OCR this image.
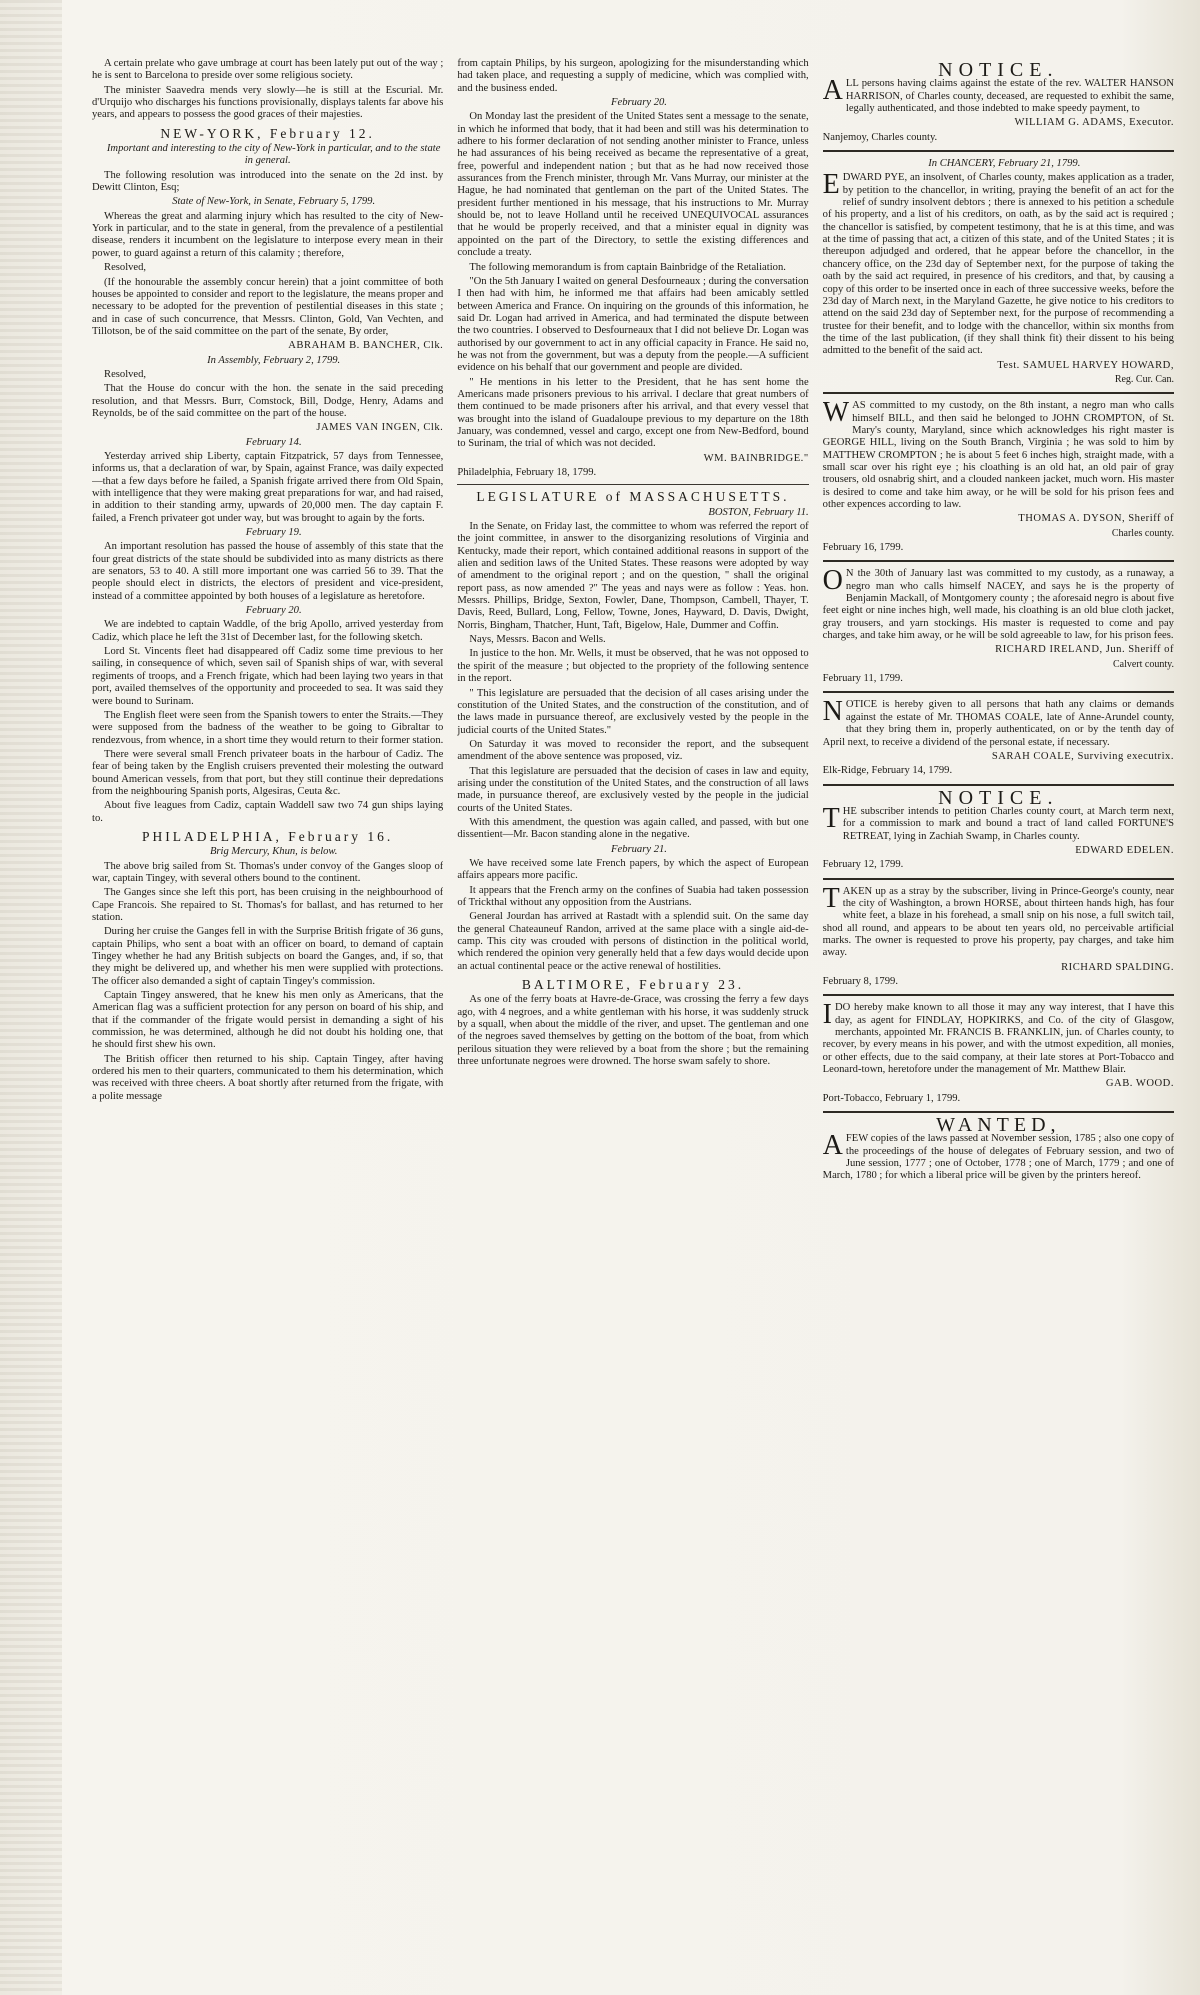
A certain prelate who gave umbrage at court has been lately put out of the way ; he is sent to Barcelona to preside over some religious society.

The minister Saavedra mends very slowly—he is still at the Escurial. Mr. d'Urquijo who discharges his functions provisionally, displays talents far above his years, and appears to possess the good graces of their majesties.

NEW-YORK, February 12.

Important and interesting to the city of New-York in particular, and to the state in general.

The following resolution was introduced into the senate on the 2d inst. by Dewitt Clinton, Esq;

State of New-York, in Senate, February 5, 1799.

Whereas the great and alarming injury which has resulted to the city of New-York in particular, and to the state in general, from the prevalence of a pestilential disease, renders it incumbent on the legislature to interpose every mean in their power, to guard against a return of this calamity ; therefore,

Resolved,

(If the honourable the assembly concur herein) that a joint committee of both houses be appointed to consider and report to the legislature, the means proper and necessary to be adopted for the prevention of pestilential diseases in this state ; and in case of such concurrence, that Messrs. Clinton, Gold, Van Vechten, and Tillotson, be of the said committee on the part of the senate, By order,

ABRAHAM B. BANCHER, Clk.

In Assembly, February 2, 1799.

Resolved,

That the House do concur with the hon. the senate in the said preceding resolution, and that Messrs. Burr, Comstock, Bill, Dodge, Henry, Adams and Reynolds, be of the said committee on the part of the house.

JAMES VAN INGEN, Clk.

February 14.

Yesterday arrived ship Liberty, captain Fitzpatrick, 57 days from Tennessee, informs us, that a declaration of war, by Spain, against France, was daily expected—that a few days before he failed, a Spanish frigate arrived there from Old Spain, with intelligence that they were making great preparations for war, and had raised, in addition to their standing army, upwards of 20,000 men. The day captain F. failed, a French privateer got under way, but was brought to again by the forts.

February 19.

An important resolution has passed the house of assembly of this state that the four great districts of the state should be subdivided into as many districts as there are senators, 53 to 40. A still more important one was carried 56 to 39. That the people should elect in districts, the electors of president and vice-president, instead of a committee appointed by both houses of a legislature as heretofore.

February 20.

We are indebted to captain Waddle, of the brig Apollo, arrived yesterday from Cadiz, which place he left the 31st of December last, for the following sketch.

Lord St. Vincents fleet had disappeared off Cadiz some time previous to her sailing, in consequence of which, seven sail of Spanish ships of war, with several regiments of troops, and a French frigate, which had been laying two years in that port, availed themselves of the opportunity and proceeded to sea. It was said they were bound to Surinam.

The English fleet were seen from the Spanish towers to enter the Straits.—They were supposed from the badness of the weather to be going to Gibraltar to rendezvous, from whence, in a short time they would return to their former station.

There were several small French privateer boats in the harbour of Cadiz. The fear of being taken by the English cruisers prevented their molesting the outward bound American vessels, from that port, but they still continue their depredations from the neighbouring Spanish ports, Algesiras, Ceuta &c.

About five leagues from Cadiz, captain Waddell saw two 74 gun ships laying to.

PHILADELPHIA, February 16.

Brig Mercury, Khun, is below.

The above brig sailed from St. Thomas's under convoy of the Ganges sloop of war, captain Tingey, with several others bound to the continent.

The Ganges since she left this port, has been cruising in the neighbourhood of Cape Francois. She repaired to St. Thomas's for ballast, and has returned to her station.

During her cruise the Ganges fell in with the Surprise British frigate of 36 guns, captain Philips, who sent a boat with an officer on board, to demand of captain Tingey whether he had any British subjects on board the Ganges, and, if so, that they might be delivered up, and whether his men were supplied with protections. The officer also demanded a sight of captain Tingey's commission.

Captain Tingey answered, that he knew his men only as Americans, that the American flag was a sufficient protection for any person on board of his ship, and that if the commander of the frigate would persist in demanding a sight of his commission, he was determined, although he did not doubt his holding one, that he should first shew his own.

The British officer then returned to his ship. Captain Tingey, after having ordered his men to their quarters, communicated to them his determination, which was received with three cheers. A boat shortly after returned from the frigate, with a polite message

from captain Philips, by his surgeon, apologizing for the misunderstanding which had taken place, and requesting a supply of medicine, which was complied with, and the business ended.

February 20.

On Monday last the president of the United States sent a message to the senate, in which he informed that body, that it had been and still was his determination to adhere to his former declaration of not sending another minister to France, unless he had assurances of his being received as became the representative of a great, free, powerful and independent nation ; but that as he had now received those assurances from the French minister, through Mr. Vans Murray, our minister at the Hague, he had nominated that gentleman on the part of the United States. The president further mentioned in his message, that his instructions to Mr. Murray should be, not to leave Holland until he received UNEQUIVOCAL assurances that he would be properly received, and that a minister equal in dignity was appointed on the part of the Directory, to settle the existing differences and conclude a treaty.

The following memorandum is from captain Bainbridge of the Retaliation.

"On the 5th January I waited on general Desfourneaux ; during the conversation I then had with him, he informed me that affairs had been amicably settled between America and France. On inquiring on the grounds of this information, he said Dr. Logan had arrived in America, and had terminated the dispute between the two countries. I observed to Desfourneaux that I did not believe Dr. Logan was authorised by our government to act in any official capacity in France. He said no, he was not from the government, but was a deputy from the people.—A sufficient evidence on his behalf that our government and people are divided.

" He mentions in his letter to the President, that he has sent home the Americans made prisoners previous to his arrival. I declare that great numbers of them continued to be made prisoners after his arrival, and that every vessel that was brought into the island of Guadaloupe previous to my departure on the 18th January, was condemned, vessel and cargo, except one from New-Bedford, bound to Surinam, the trial of which was not decided.

WM. BAINBRIDGE."

Philadelphia, February 18, 1799.

LEGISLATURE of MASSACHUSETTS.

BOSTON, February 11.

In the Senate, on Friday last, the committee to whom was referred the report of the joint committee, in answer to the disorganizing resolutions of Virginia and Kentucky, made their report, which contained additional reasons in support of the alien and sedition laws of the United States. These reasons were adopted by way of amendment to the original report ; and on the question, " shall the original report pass, as now amended ?" The yeas and nays were as follow : Yeas. hon. Messrs. Phillips, Bridge, Sexton, Fowler, Dane, Thompson, Cambell, Thayer, T. Davis, Reed, Bullard, Long, Fellow, Towne, Jones, Hayward, D. Davis, Dwight, Norris, Bingham, Thatcher, Hunt, Taft, Bigelow, Hale, Dummer and Coffin.

Nays, Messrs. Bacon and Wells.

In justice to the hon. Mr. Wells, it must be observed, that he was not opposed to the spirit of the measure ; but objected to the propriety of the following sentence in the report.

" This legislature are persuaded that the decision of all cases arising under the constitution of the United States, and the construction of the constitution, and of the laws made in pursuance thereof, are exclusively vested by the people in the judicial courts of the United States."

On Saturday it was moved to reconsider the report, and the subsequent amendment of the above sentence was proposed, viz.

That this legislature are persuaded that the decision of cases in law and equity, arising under the constitution of the United States, and the construction of all laws made, in pursuance thereof, are exclusively vested by the people in the judicial courts of the United States.

With this amendment, the question was again called, and passed, with but one dissentient—Mr. Bacon standing alone in the negative.

February 21.

We have received some late French papers, by which the aspect of European affairs appears more pacific.

It appears that the French army on the confines of Suabia had taken possession of Trickthal without any opposition from the Austrians.

General Jourdan has arrived at Rastadt with a splendid suit. On the same day the general Chateauneuf Randon, arrived at the same place with a single aid-de-camp. This city was crouded with persons of distinction in the political world, which rendered the opinion very generally held that a few days would decide upon an actual continental peace or the active renewal of hostilities.

BALTIMORE, February 23.

As one of the ferry boats at Havre-de-Grace, was crossing the ferry a few days ago, with 4 negroes, and a white gentleman with his horse, it was suddenly struck by a squall, when about the middle of the river, and upset. The gentleman and one of the negroes saved themselves by getting on the bottom of the boat, from which perilous situation they were relieved by a boat from the shore ; but the remaining three unfortunate negroes were drowned. The horse swam safely to shore.

NOTICE.

ALL persons having claims against the estate of the rev. WALTER HANSON HARRISON, of Charles county, deceased, are requested to exhibit the same, legally authenticated, and those indebted to make speedy payment, to

WILLIAM G. ADAMS, Executor.

Nanjemoy, Charles county.

In CHANCERY, February 21, 1799.

EDWARD PYE, an insolvent, of Charles county, makes application as a trader, by petition to the chancellor, in writing, praying the benefit of an act for the relief of sundry insolvent debtors ; there is annexed to his petition a schedule of his property, and a list of his creditors, on oath, as by the said act is required ; the chancellor is satisfied, by competent testimony, that he is at this time, and was at the time of passing that act, a citizen of this state, and of the United States ; it is thereupon adjudged and ordered, that he appear before the chancellor, in the chancery office, on the 23d day of September next, for the purpose of taking the oath by the said act required, in presence of his creditors, and that, by causing a copy of this order to be inserted once in each of three successive weeks, before the 23d day of March next, in the Maryland Gazette, he give notice to his creditors to attend on the said 23d day of September next, for the purpose of recommending a trustee for their benefit, and to lodge with the chancellor, within six months from the time of the last publication, (if they shall think fit) their dissent to his being admitted to the benefit of the said act.

Test. SAMUEL HARVEY HOWARD,

Reg. Cur. Can.

WAS committed to my custody, on the 8th instant, a negro man who calls himself BILL, and then said he belonged to JOHN CROMPTON, of St. Mary's county, Maryland, since which acknowledges his right master is GEORGE HILL, living on the South Branch, Virginia ; he was sold to him by MATTHEW CROMPTON ; he is about 5 feet 6 inches high, straight made, with a small scar over his right eye ; his cloathing is an old hat, an old pair of gray trousers, old osnabrig shirt, and a clouded nankeen jacket, much worn. His master is desired to come and take him away, or he will be sold for his prison fees and other expences according to law.

THOMAS A. DYSON, Sheriff of

Charles county.

February 16, 1799.

ON the 30th of January last was committed to my custody, as a runaway, a negro man who calls himself NACEY, and says he is the property of Benjamin Mackall, of Montgomery county ; the aforesaid negro is about five feet eight or nine inches high, well made, his cloathing is an old blue cloth jacket, gray trousers, and yarn stockings. His master is requested to come and pay charges, and take him away, or he will be sold agreeable to law, for his prison fees.

RICHARD IRELAND, Jun. Sheriff of

Calvert county.

February 11, 1799.

NOTICE is hereby given to all persons that hath any claims or demands against the estate of Mr. THOMAS COALE, late of Anne-Arundel county, that they bring them in, properly authenticated, on or by the tenth day of April next, to receive a dividend of the personal estate, if necessary.

SARAH COALE, Surviving executrix.

Elk-Ridge, February 14, 1799.

NOTICE.

THE subscriber intends to petition Charles county court, at March term next, for a commission to mark and bound a tract of land called FORTUNE'S RETREAT, lying in Zachiah Swamp, in Charles county.

EDWARD EDELEN.

February 12, 1799.

TAKEN up as a stray by the subscriber, living in Prince-George's county, near the city of Washington, a brown HORSE, about thirteen hands high, has four white feet, a blaze in his forehead, a small snip on his nose, a full switch tail, shod all round, and appears to be about ten years old, no perceivable artificial marks. The owner is requested to prove his property, pay charges, and take him away.

RICHARD SPALDING.

February 8, 1799.

IDO hereby make known to all those it may any way interest, that I have this day, as agent for FINDLAY, HOPKIRKS, and Co. of the city of Glasgow, merchants, appointed Mr. FRANCIS B. FRANKLIN, jun. of Charles county, to recover, by every means in his power, and with the utmost expedition, all monies, or other effects, due to the said company, at their late stores at Port-Tobacco and Leonard-town, heretofore under the management of Mr. Matthew Blair.

GAB. WOOD.

Port-Tobacco, February 1, 1799.

WANTED,

AFEW copies of the laws passed at November session, 1785 ; also one copy of the proceedings of the house of delegates of February session, and two of June session, 1777 ; one of October, 1778 ; one of March, 1779 ; and one of March, 1780 ; for which a liberal price will be given by the printers hereof.
